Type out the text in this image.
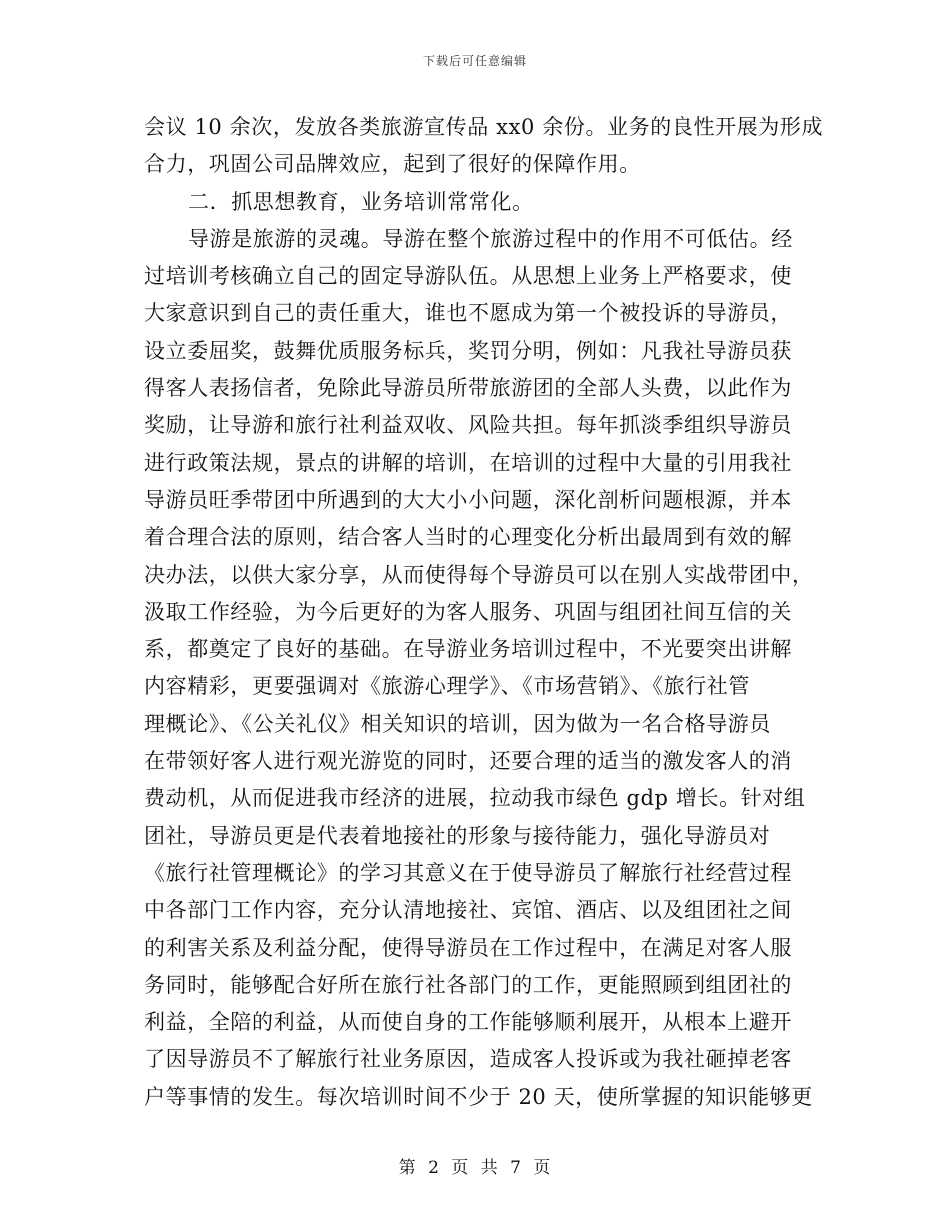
下载后可任意编辑
会议 10 余次，发放各类旅游宣传品 xx0 余份。业务的良性开展为形成
合力，巩固公司品牌效应，起到了很好的保障作用。
二．抓思想教育，业务培训常常化。
导游是旅游的灵魂。导游在整个旅游过程中的作用不可低估。经
过培训考核确立自己的固定导游队伍。从思想上业务上严格要求，使
大家意识到自己的责任重大，谁也不愿成为第一个被投诉的导游员，
设立委屈奖，鼓舞优质服务标兵，奖罚分明，例如：凡我社导游员获
得客人表扬信者，免除此导游员所带旅游团的全部人头费，以此作为
奖励，让导游和旅行社利益双收、风险共担。每年抓淡季组织导游员
进行政策法规，景点的讲解的培训，在培训的过程中大量的引用我社
导游员旺季带团中所遇到的大大小小问题，深化剖析问题根源，并本
着合理合法的原则，结合客人当时的心理变化分析出最周到有效的解
决办法，以供大家分享，从而使得每个导游员可以在别人实战带团中，
汲取工作经验，为今后更好的为客人服务、巩固与组团社间互信的关
系，都奠定了良好的基础。在导游业务培训过程中，不光要突出讲解
内容精彩，更要强调对《旅游心理学》、《市场营销》、《旅行社管
理概论》、《公关礼仪》相关知识的培训，因为做为一名合格导游员
在带领好客人进行观光游览的同时，还要合理的适当的激发客人的消
费动机，从而促进我市经济的进展，拉动我市绿色 gdp 增长。针对组
团社，导游员更是代表着地接社的形象与接待能力，强化导游员对
《旅行社管理概论》的学习其意义在于使导游员了解旅行社经营过程
中各部门工作内容，充分认清地接社、宾馆、酒店、以及组团社之间
的利害关系及利益分配，使得导游员在工作过程中，在满足对客人服
务同时，能够配合好所在旅行社各部门的工作，更能照顾到组团社的
利益，全陪的利益，从而使自身的工作能够顺利展开，从根本上避开
了因导游员不了解旅行社业务原因，造成客人投诉或为我社砸掉老客
户等事情的发生。每次培训时间不少于 20 天，使所掌握的知识能够更
第 2 页 共 7 页
